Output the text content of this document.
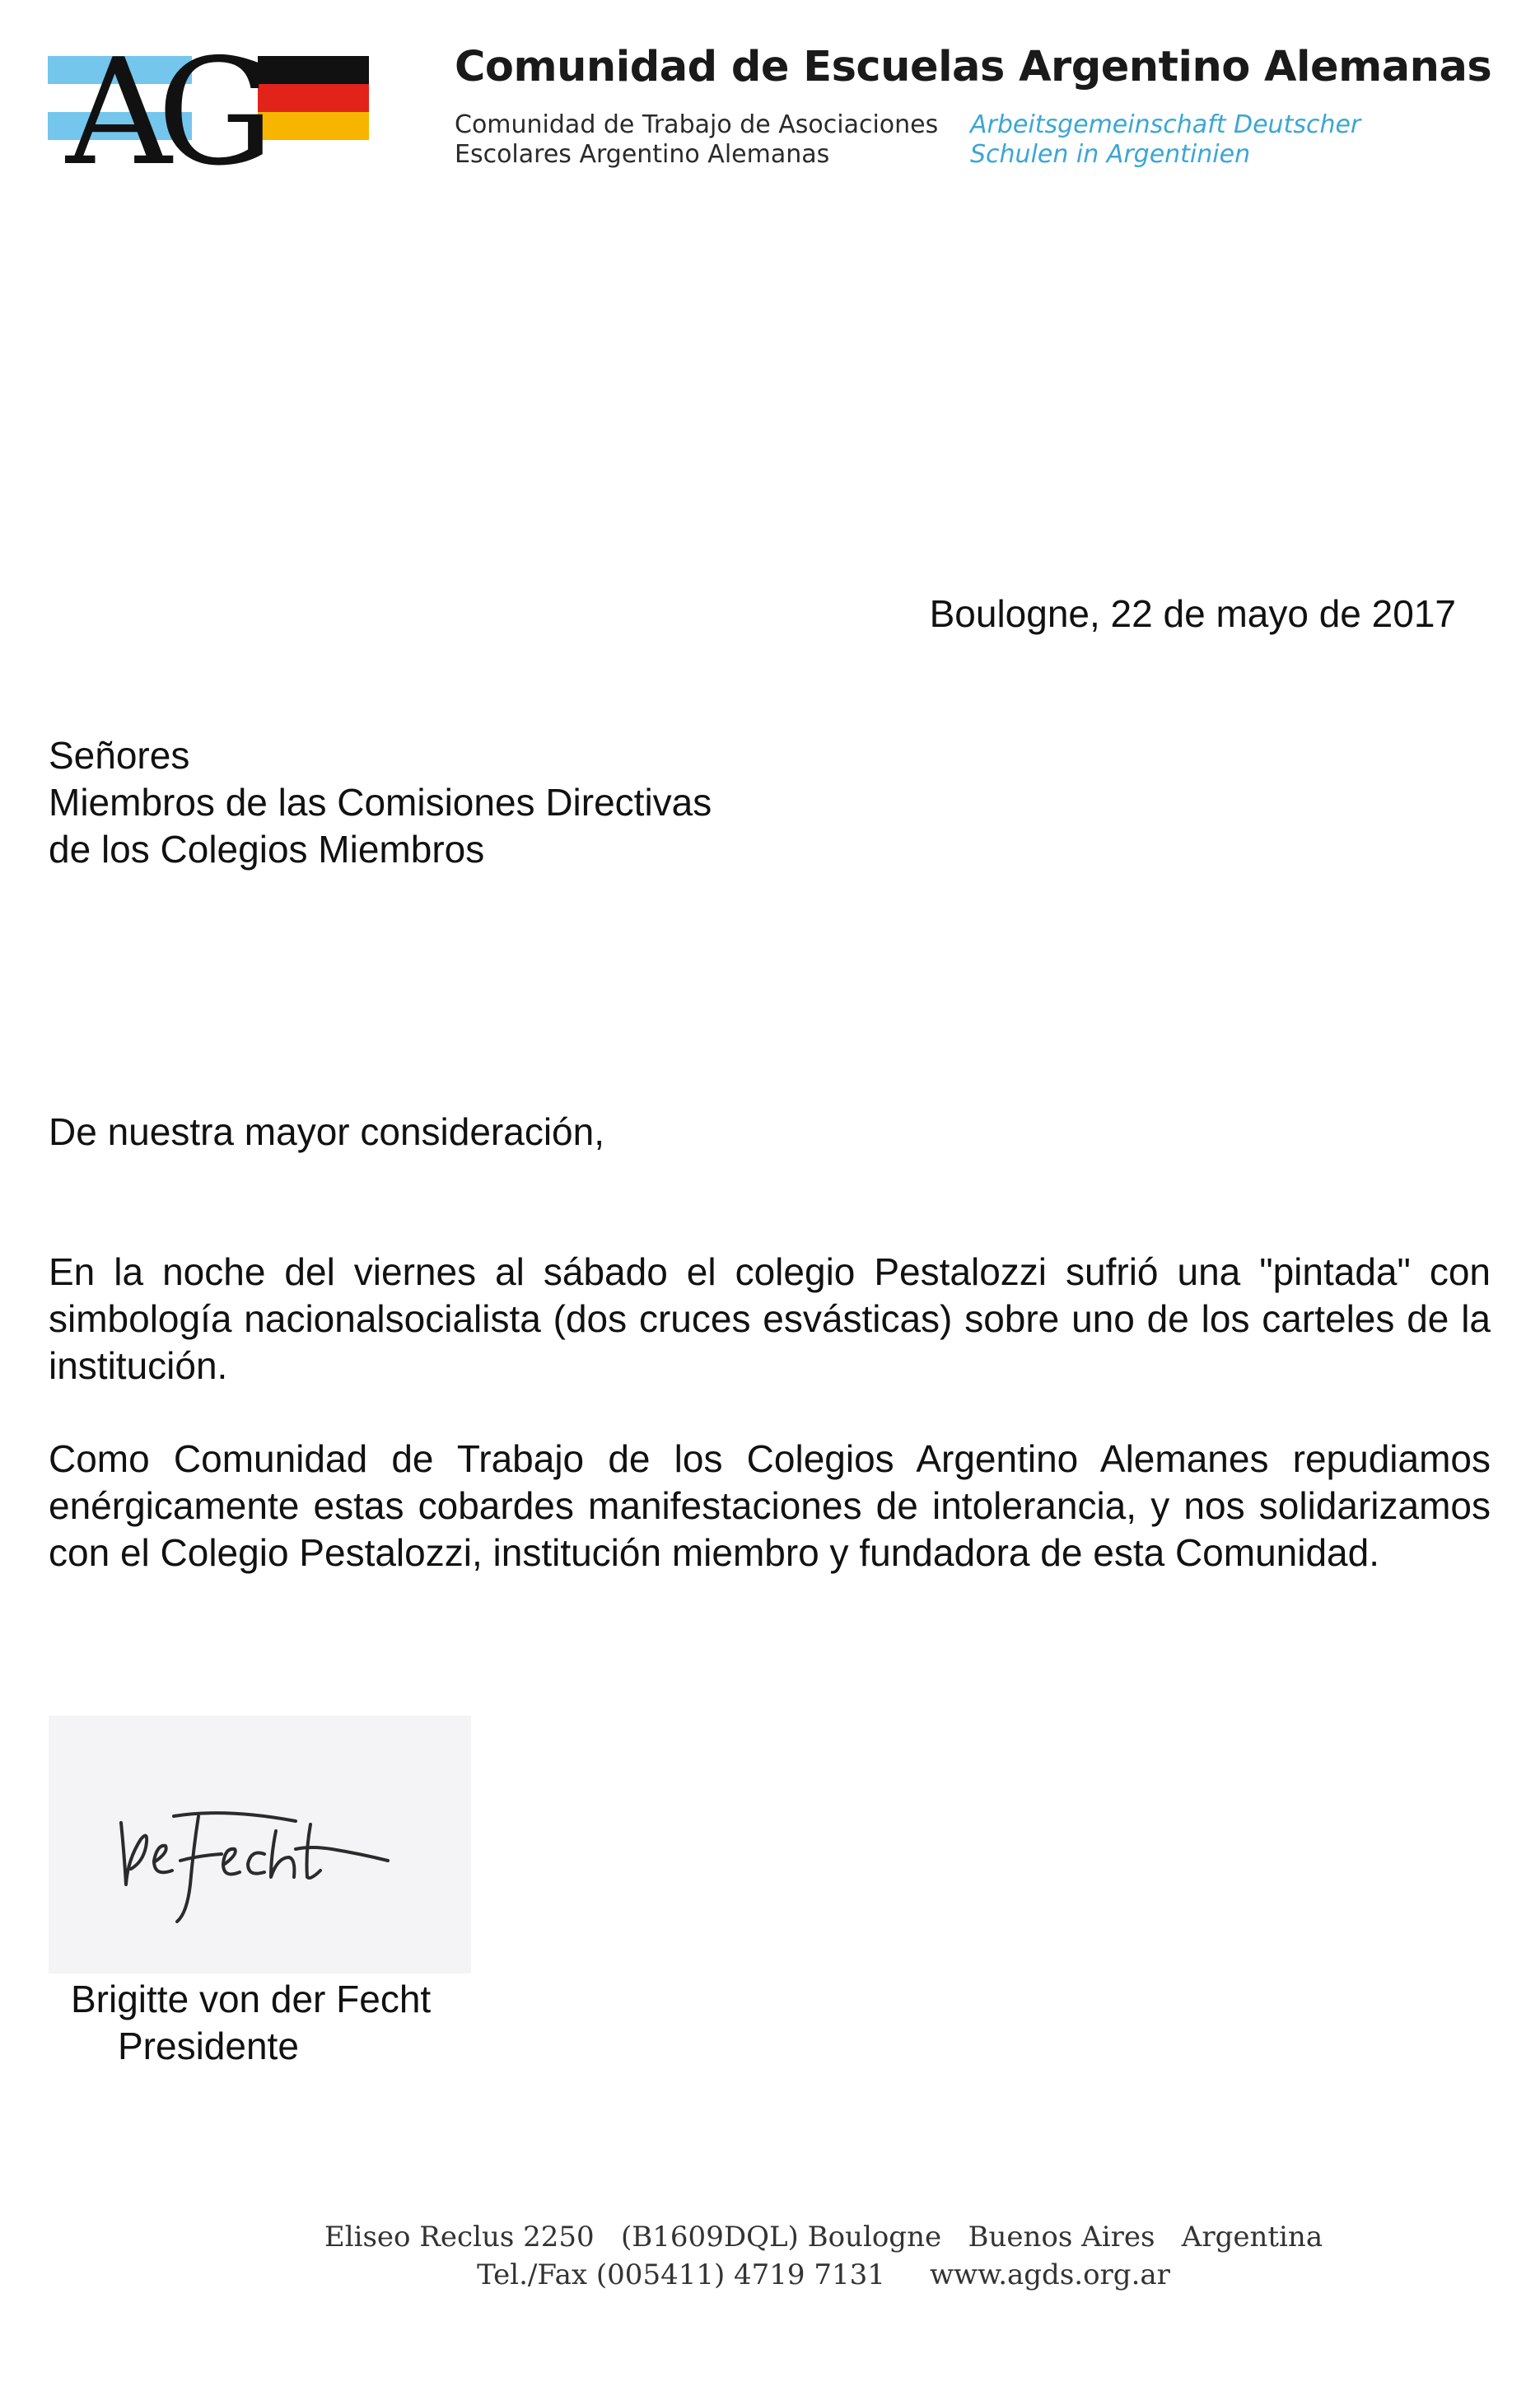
AG	Comunidad de Escuelas Argentino Alemanas
Comunidad de Trabajo de Asociaciones
Escolares Argentino Alemanas
Arbeitsgemeinschaft Deutscher
Schulen in Argentinien
Boulogne, 22 de mayo de 2017
Señores
Miembros de las Comisiones Directivas
de los Colegios Miembros
De nuestra mayor consideración,

En la noche del viernes al sábado el colegio Pestalozzi sufrió una "pintada" con simbología nacionalsocialista (dos cruces esvásticas) sobre uno de los carteles de la institución.

Como Comunidad de Trabajo de los Colegios Argentino Alemanes repudiamos enérgicamente estas cobardes manifestaciones de intolerancia, y nos solidarizamos con el Colegio Pestalozzi, institución miembro y fundadora de esta Comunidad.

Brigitte von der Fecht
Presidente
Eliseo Reclus 2250   (B1609DQL) Boulogne   Buenos Aires   Argentina
Tel./Fax (005411) 4719 7131     www.agds.org.ar
